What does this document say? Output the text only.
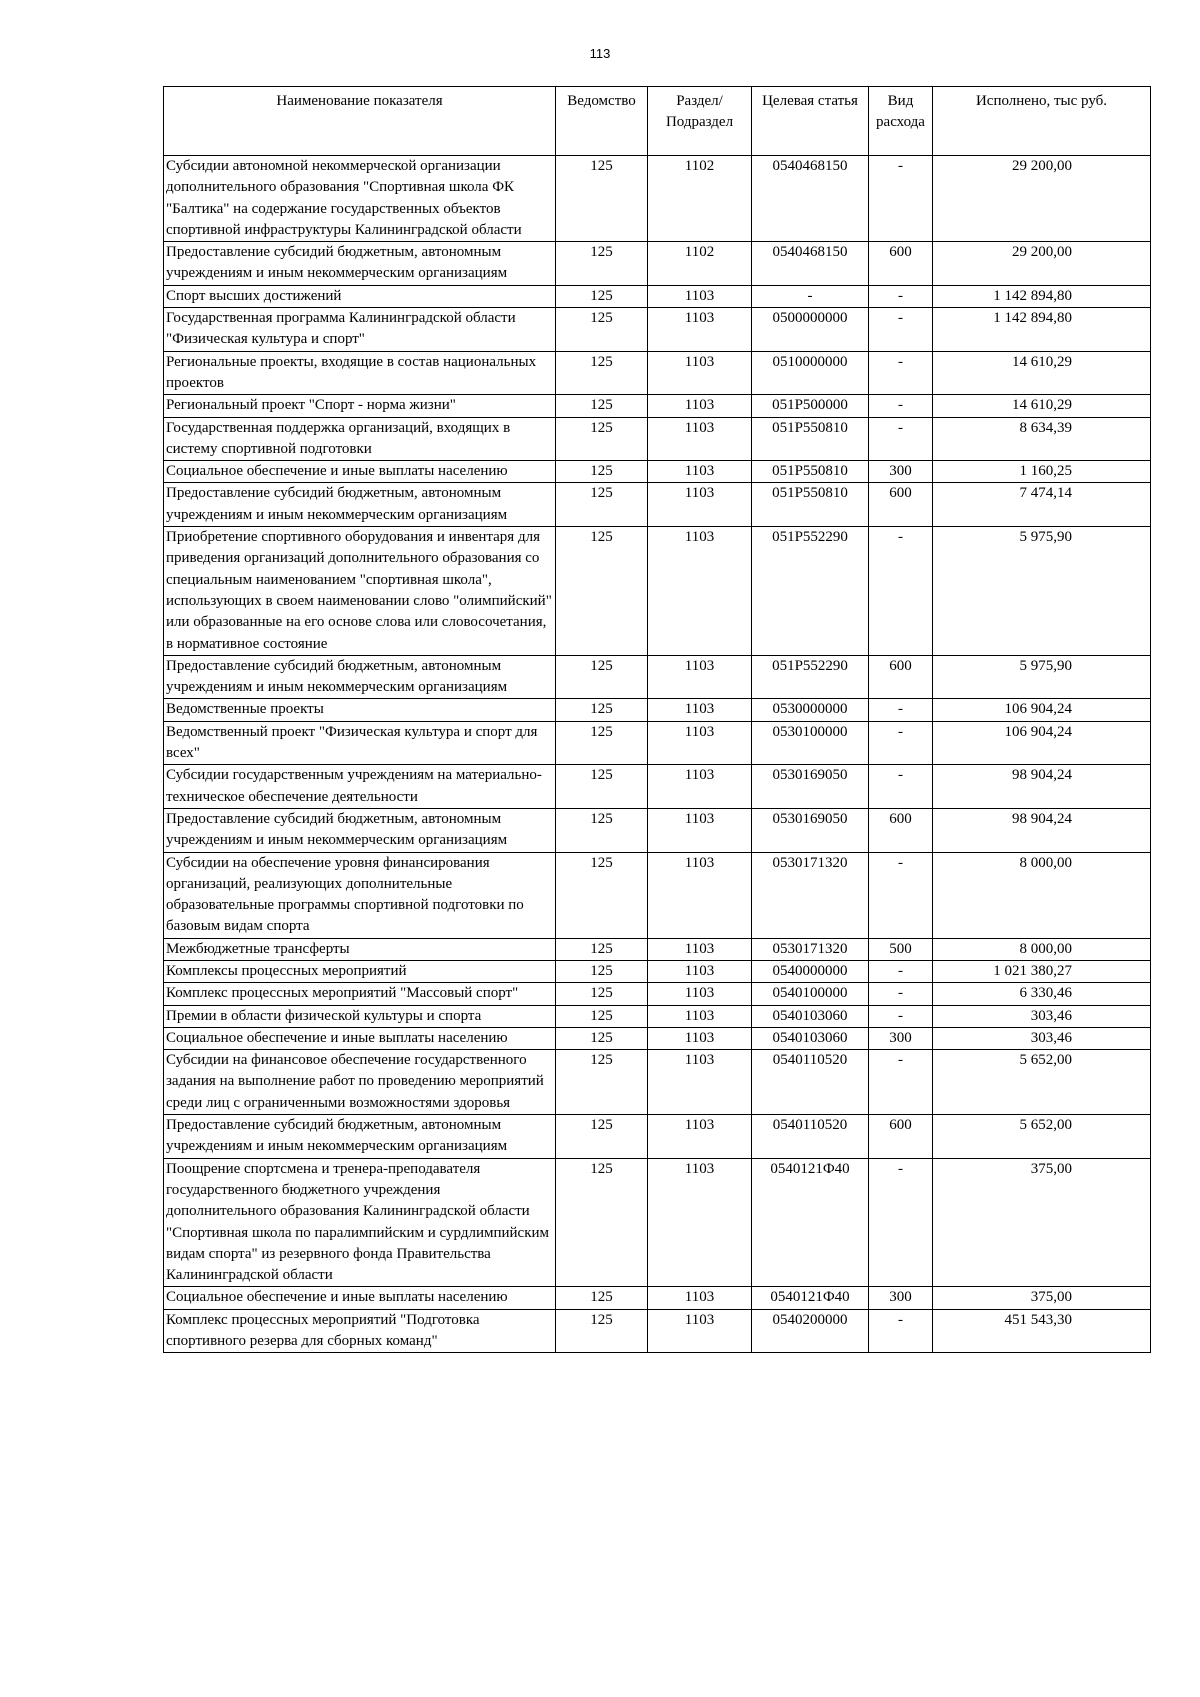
113
Наименование показателя	Ведомство	Раздел/ Подраздел	Целевая статья	Вид расхода	Исполнено, тыс руб.
Субсидии автономной некоммерческой организации дополнительного образования "Спортивная школа ФК "Балтика" на содержание государственных объектов спортивной инфраструктуры Калининградской области	125	1102	0540468150	-	29 200,00
Предоставление субсидий бюджетным, автономным учреждениям и иным некоммерческим организациям	125	1102	0540468150	600	29 200,00
Спорт высших достижений	125	1103	-	-	1 142 894,80
Государственная программа Калининградской области "Физическая культура и спорт"	125	1103	0500000000	-	1 142 894,80
Региональные проекты, входящие в состав национальных проектов	125	1103	0510000000	-	14 610,29
Региональный проект "Спорт - норма жизни"	125	1103	051P500000	-	14 610,29
Государственная поддержка организаций, входящих в систему спортивной подготовки	125	1103	051P550810	-	8 634,39
Социальное обеспечение и иные выплаты населению	125	1103	051P550810	300	1 160,25
Предоставление субсидий бюджетным, автономным учреждениям и иным некоммерческим организациям	125	1103	051P550810	600	7 474,14
Приобретение спортивного оборудования и инвентаря для приведения организаций дополнительного образования со специальным наименованием "спортивная школа", использующих в своем наименовании слово "олимпийский" или образованные на его основе слова или словосочетания, в нормативное состояние	125	1103	051P552290	-	5 975,90
Предоставление субсидий бюджетным, автономным учреждениям и иным некоммерческим организациям	125	1103	051P552290	600	5 975,90
Ведомственные проекты	125	1103	0530000000	-	106 904,24
Ведомственный проект "Физическая культура и спорт для всех"	125	1103	0530100000	-	106 904,24
Субсидии государственным учреждениям на материально-техническое обеспечение деятельности	125	1103	0530169050	-	98 904,24
Предоставление субсидий бюджетным, автономным учреждениям и иным некоммерческим организациям	125	1103	0530169050	600	98 904,24
Субсидии на обеспечение уровня финансирования организаций, реализующих дополнительные образовательные программы спортивной подготовки по базовым видам спорта	125	1103	0530171320	-	8 000,00
Межбюджетные трансферты	125	1103	0530171320	500	8 000,00
Комплексы процессных мероприятий	125	1103	0540000000	-	1 021 380,27
Комплекс процессных мероприятий "Массовый спорт"	125	1103	0540100000	-	6 330,46
Премии в области физической культуры и спорта	125	1103	0540103060	-	303,46
Социальное обеспечение и иные выплаты населению	125	1103	0540103060	300	303,46
Субсидии на финансовое обеспечение государственного задания на выполнение работ по проведению мероприятий среди лиц с ограниченными возможностями здоровья	125	1103	0540110520	-	5 652,00
Предоставление субсидий бюджетным, автономным учреждениям и иным некоммерческим организациям	125	1103	0540110520	600	5 652,00
Поощрение спортсмена и тренера-преподавателя государственного бюджетного учреждения дополнительного образования Калининградской области "Спортивная школа по паралимпийским и сурдлимпийским видам спорта" из резервного фонда Правительства Калининградской области	125	1103	0540121Ф40	-	375,00
Социальное обеспечение и иные выплаты населению	125	1103	0540121Ф40	300	375,00
Комплекс процессных мероприятий "Подготовка спортивного резерва для сборных команд"	125	1103	0540200000	-	451 543,30
